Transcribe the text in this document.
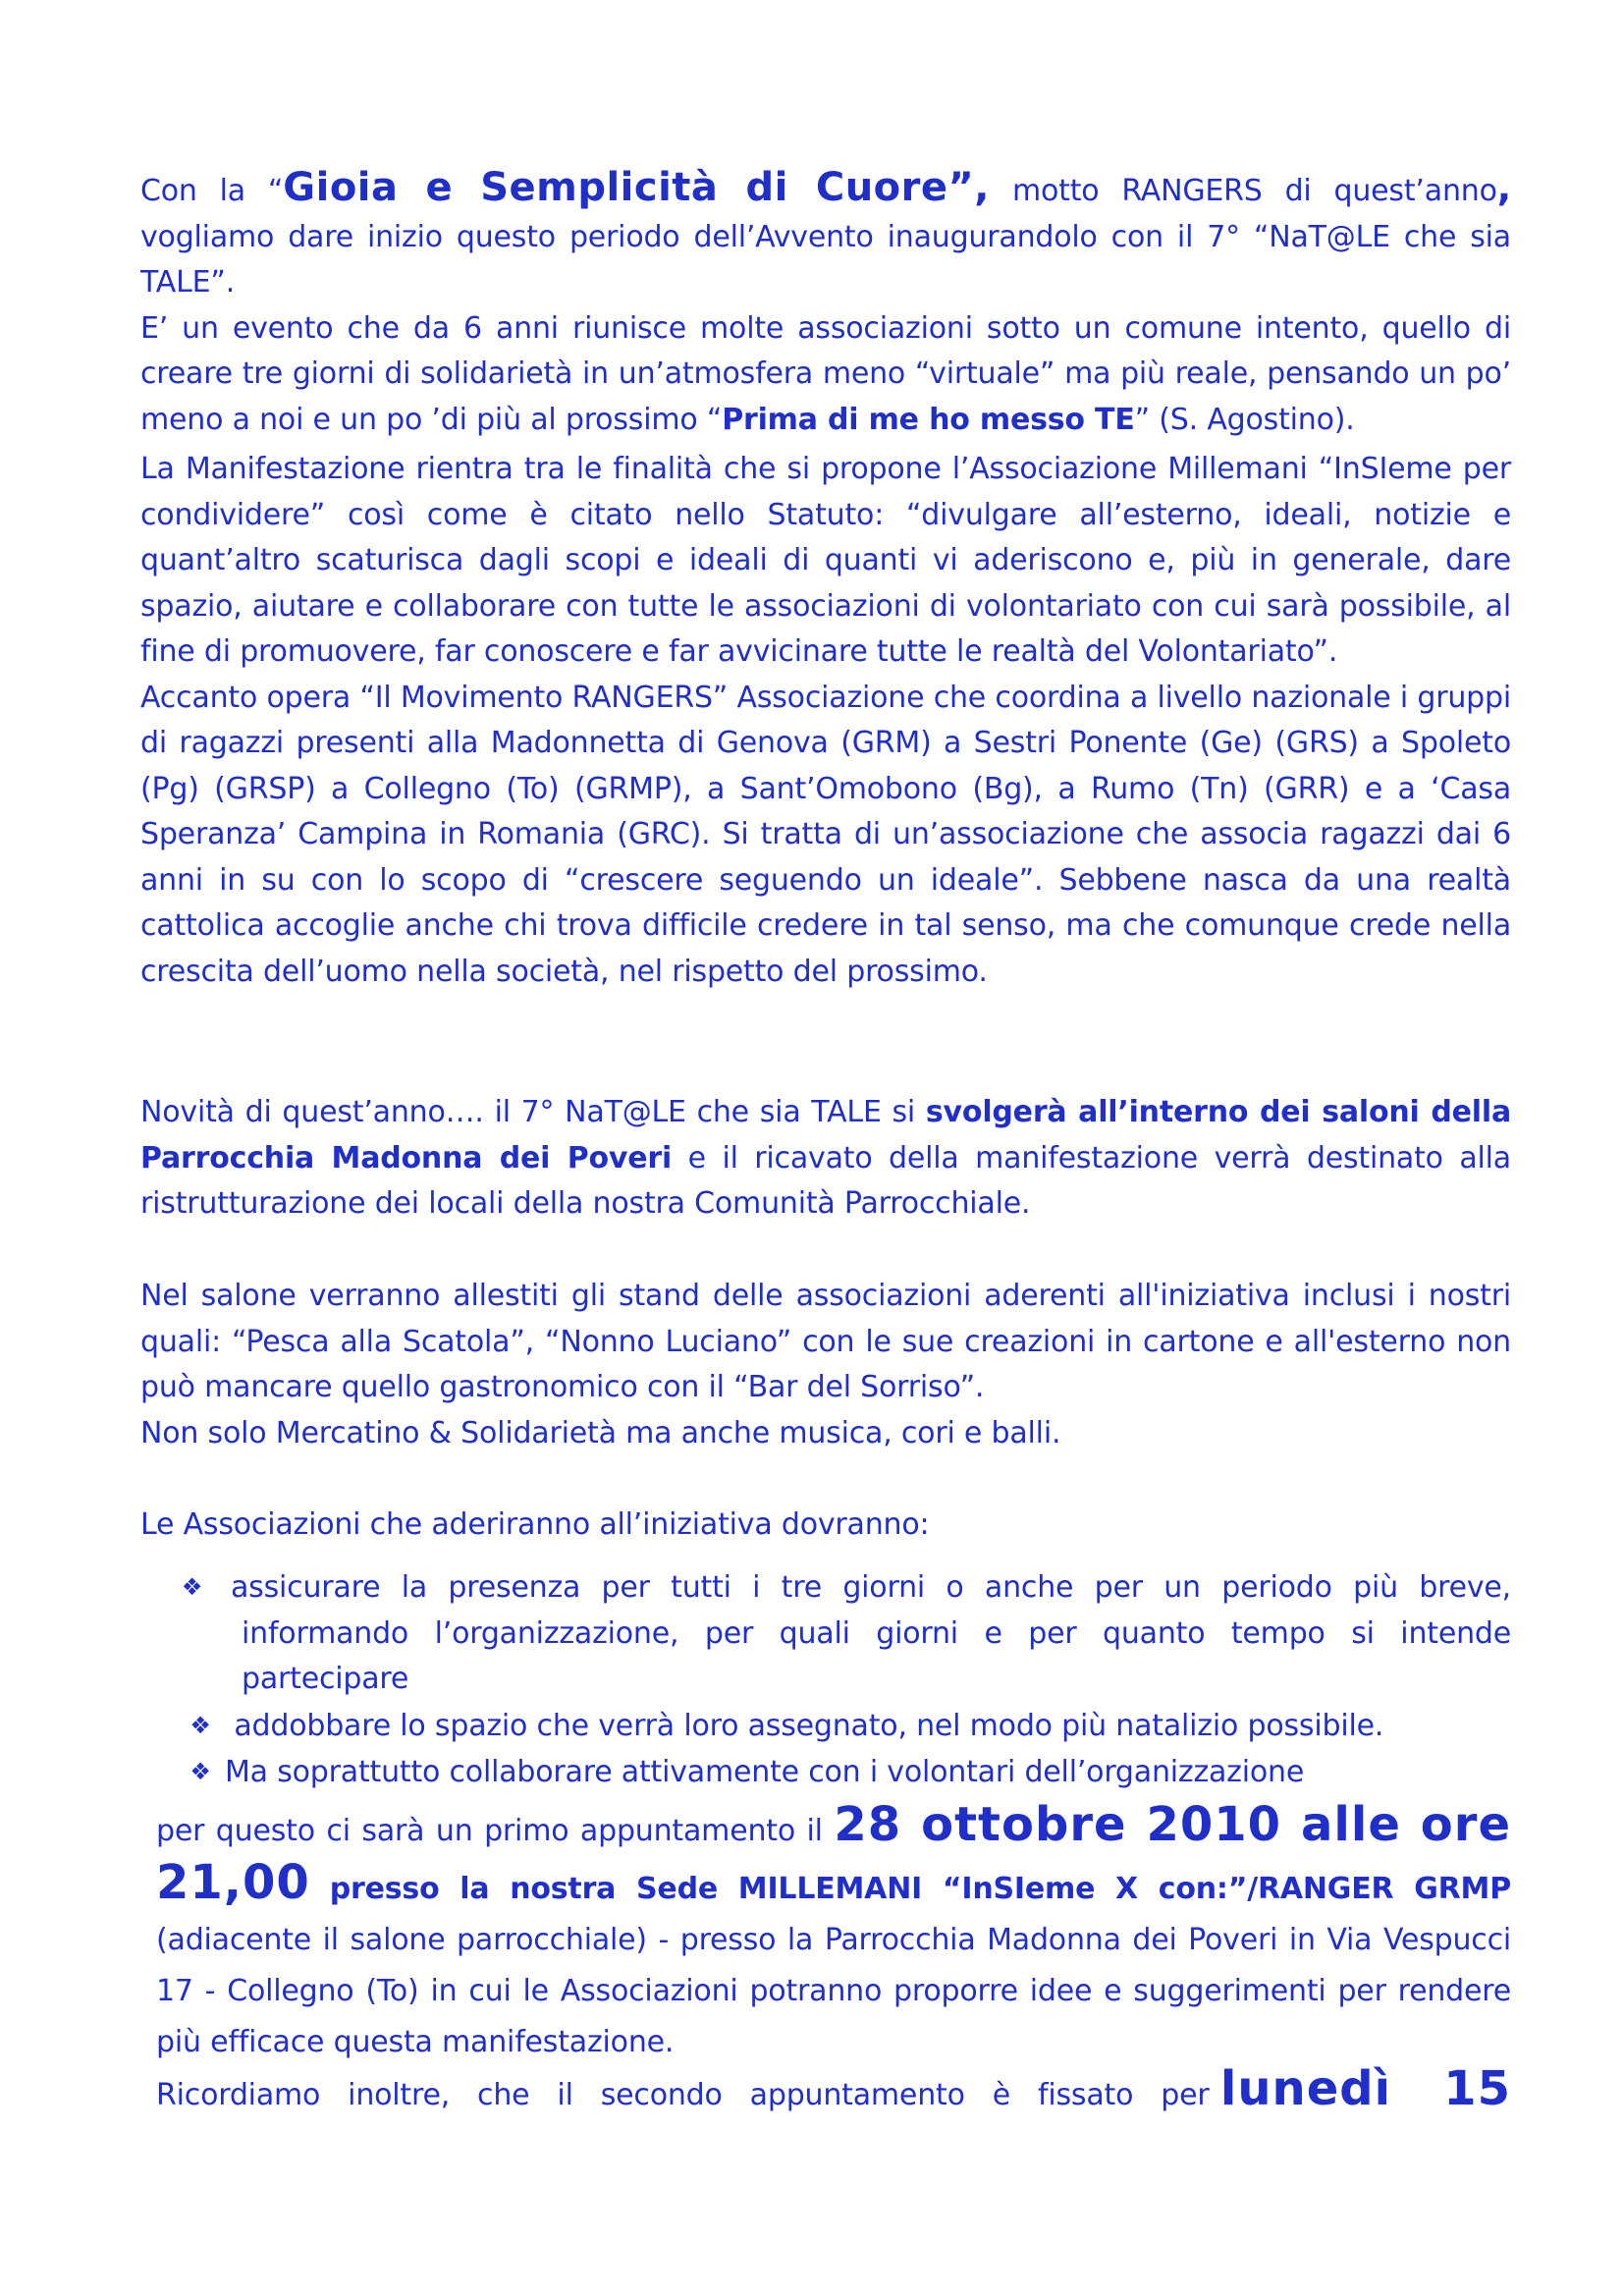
Con la “Gioia e Semplicità di Cuore”, motto RANGERS di quest’anno, vogliamo dare inizio questo periodo dell’Avvento inaugurandolo con il 7° “NaT@LE che sia TALE”.

E’ un evento che da 6 anni riunisce molte associazioni sotto un comune intento, quello di creare tre giorni di solidarietà in un’atmosfera meno “virtuale” ma più reale, pensando un po’ meno a noi e un po ’di più al prossimo “Prima di me ho messo TE” (S. Agostino).

La Manifestazione rientra tra le finalità che si propone l’Associazione Millemani “InSIeme per condividere” così come è citato nello Statuto: “divulgare all’esterno, ideali, notizie e quant’altro scaturisca dagli scopi e ideali di quanti vi aderiscono e, più in generale, dare spazio, aiutare e collaborare con tutte le associazioni di volontariato con cui sarà possibile, al fine di promuovere, far conoscere e far avvicinare tutte le realtà del Volontariato”.

Accanto opera “Il Movimento RANGERS” Associazione che coordina a livello nazionale i gruppi di ragazzi presenti alla Madonnetta di Genova (GRM) a Sestri Ponente (Ge) (GRS) a Spoleto (Pg) (GRSP) a Collegno (To) (GRMP), a Sant’Omobono (Bg), a Rumo (Tn) (GRR) e a ‘Casa Speranza’ Campina in Romania (GRC). Si tratta di un’associazione che associa ragazzi dai 6 anni in su con lo scopo di “crescere seguendo un ideale”. Sebbene nasca da una realtà cattolica accoglie anche chi trova difficile credere in tal senso, ma che comunque crede nella crescita dell’uomo nella società, nel rispetto del prossimo.

Novità di quest’anno…. il 7° NaT@LE che sia TALE si svolgerà all’interno dei saloni della Parrocchia Madonna dei Poveri e il ricavato della manifestazione verrà destinato alla ristrutturazione dei locali della nostra Comunità Parrocchiale.

Nel salone verranno allestiti gli stand delle associazioni aderenti all'iniziativa inclusi i nostri quali: “Pesca alla Scatola”, “Nonno Luciano” con le sue creazioni in cartone e all'esterno non può mancare quello gastronomico con il “Bar del Sorriso”.

Non solo Mercatino & Solidarietà ma anche musica, cori e balli.

Le Associazioni che aderiranno all’iniziativa dovranno:

❖ assicurare la presenza per tutti i tre giorni o anche per un periodo più breve, informando l’organizzazione, per quali giorni e per quanto tempo si intende partecipare
❖ addobbare lo spazio che verrà loro assegnato, nel modo più natalizio possibile.
❖ Ma soprattutto collaborare attivamente con i volontari dell’organizzazione

per questo ci sarà un primo appuntamento il 28 ottobre 2010 alle ore 21,00 presso la nostra Sede MILLEMANI “InSIeme X con:”/RANGER GRMP (adiacente il salone parrocchiale) - presso la Parrocchia Madonna dei Poveri in Via Vespucci 17 - Collegno (To) in cui le Associazioni potranno proporre idee e suggerimenti per rendere più efficace questa manifestazione.

Ricordiamo   inoltre,   che   il   secondo   appuntamento   è   fissato   per lunedì   15
